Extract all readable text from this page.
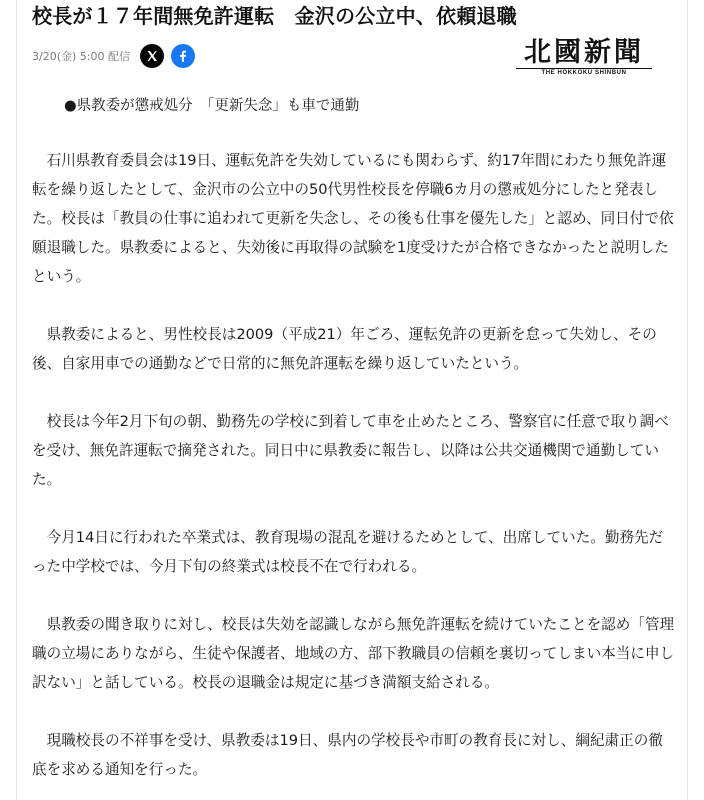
校長が１７年間無免許運転　金沢の公立中、依頼退職
3/20(金) 5:00 配信	北國新聞
THE HOKKOKU SHINBUN
●県教委が懲戒処分　「更新失念」も車で通勤

石川県教育委員会は19日、運転免許を失効しているにも関わらず、約17年間にわたり無免許運転を繰り返したとして、金沢市の公立中の50代男性校長を停職6カ月の懲戒処分にしたと発表した。校長は「教員の仕事に追われて更新を失念し、その後も仕事を優先した」と認め、同日付で依願退職した。県教委によると、失効後に再取得の試験を1度受けたが合格できなかったと説明したという。

県教委によると、男性校長は2009（平成21）年ごろ、運転免許の更新を怠って失効し、その後、自家用車での通勤などで日常的に無免許運転を繰り返していたという。

校長は今年2月下旬の朝、勤務先の学校に到着して車を止めたところ、警察官に任意で取り調べを受け、無免許運転で摘発された。同日中に県教委に報告し、以降は公共交通機関で通勤していた。

今月14日に行われた卒業式は、教育現場の混乱を避けるためとして、出席していた。勤務先だった中学校では、今月下旬の終業式は校長不在で行われる。

県教委の聞き取りに対し、校長は失効を認識しながら無免許運転を続けていたことを認め「管理職の立場にありながら、生徒や保護者、地域の方、部下教職員の信頼を裏切ってしまい本当に申し訳ない」と話している。校長の退職金は規定に基づき満額支給される。

現職校長の不祥事を受け、県教委は19日、県内の学校長や市町の教育長に対し、綱紀粛正の徹底を求める通知を行った。
